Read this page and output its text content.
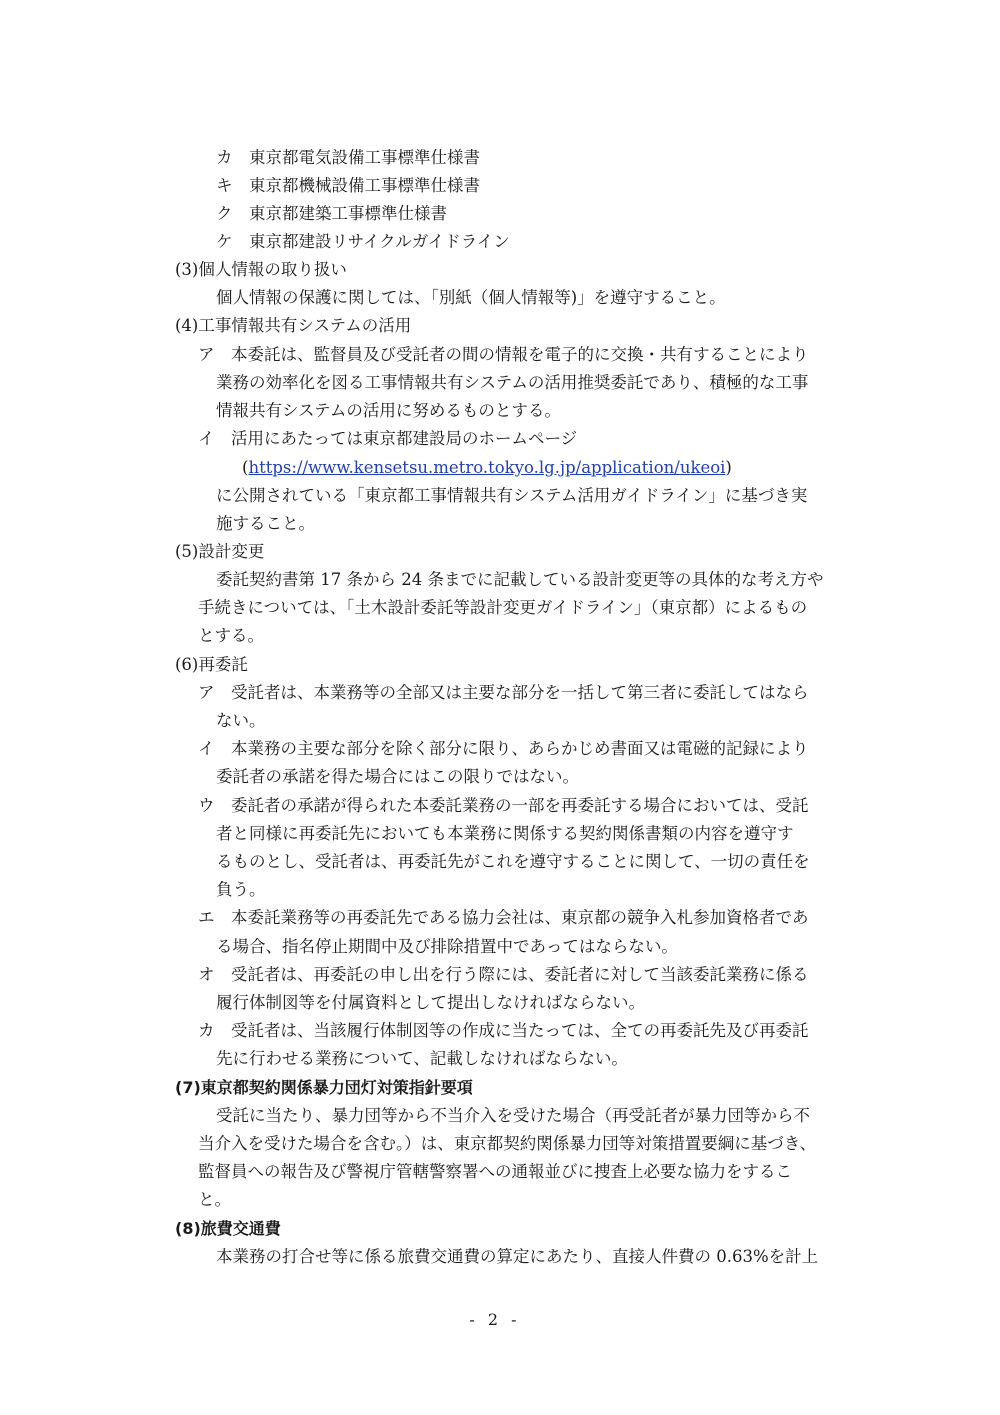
カ　東京都電気設備工事標準仕様書
キ　東京都機械設備工事標準仕様書
ク　東京都建築工事標準仕様書
ケ　東京都建設リサイクルガイドライン
(3)個人情報の取り扱い
個人情報の保護に関しては、「別紙（個人情報等)」を遵守すること。
(4)工事情報共有システムの活用
ア　本委託は、監督員及び受託者の間の情報を電子的に交換・共有することにより
業務の効率化を図る工事情報共有システムの活用推奨委託であり、積極的な工事
情報共有システムの活用に努めるものとする。
イ　活用にあたっては東京都建設局のホームページ
(https://www.kensetsu.metro.tokyo.lg.jp/application/ukeoi)
に公開されている「東京都工事情報共有システム活用ガイドライン」に基づき実
施すること。
(5)設計変更
委託契約書第 17 条から 24 条までに記載している設計変更等の具体的な考え方や
手続きについては、「土木設計委託等設計変更ガイドライン」（東京都）によるもの
とする。
(6)再委託
ア　受託者は、本業務等の全部又は主要な部分を一括して第三者に委託してはなら
ない。
イ　本業務の主要な部分を除く部分に限り、あらかじめ書面又は電磁的記録により
委託者の承諾を得た場合にはこの限りではない。
ウ　委託者の承諾が得られた本委託業務の一部を再委託する場合においては、受託
者と同様に再委託先においても本業務に関係する契約関係書類の内容を遵守す
るものとし、受託者は、再委託先がこれを遵守することに関して、一切の責任を
負う。
エ　本委託業務等の再委託先である協力会社は、東京都の競争入札参加資格者であ
る場合、指名停止期間中及び排除措置中であってはならない。
オ　受託者は、再委託の申し出を行う際には、委託者に対して当該委託業務に係る
履行体制図等を付属資料として提出しなければならない。
カ　受託者は、当該履行体制図等の作成に当たっては、全ての再委託先及び再委託
先に行わせる業務について、記載しなければならない。
(7)東京都契約関係暴力団灯対策指針要項
受託に当たり、暴力団等から不当介入を受けた場合（再受託者が暴力団等から不
当介入を受けた場合を含む。）は、東京都契約関係暴力団等対策措置要綱に基づき、
監督員への報告及び警視庁管轄警察署への通報並びに捜査上必要な協力をするこ
と。
(8)旅費交通費
本業務の打合せ等に係る旅費交通費の算定にあたり、直接人件費の 0.63%を計上
- 2 -
